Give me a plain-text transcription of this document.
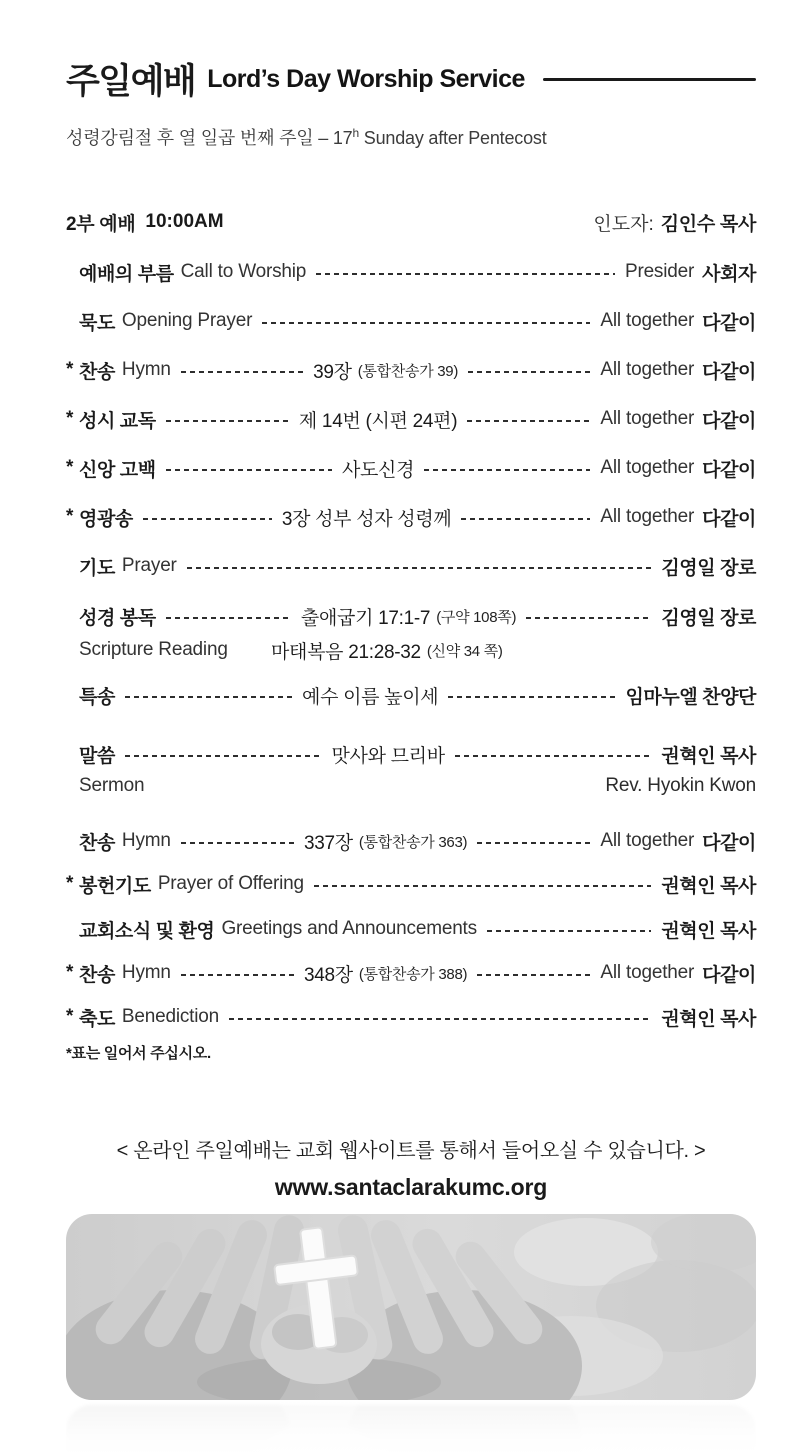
주일예배 Lord’s Day Worship Service
성령강림절 후 열 일곱 번째 주일 – 17$^h$ Sunday after Pentecost
2부 예배 10:00AM	인도자: 김인수 목사
예배의 부름 Call to Worship	Presider 사회자
묵도 Opening Prayer	All together 다같이
* 찬송 Hymn	39장 (통합찬송가 39)	All together 다같이
* 성시 교독	제 14번 (시편 24편)	All together 다같이
* 신앙 고백	사도신경	All together 다같이
* 영광송	3장 성부 성자 성령께	All together 다같이
기도 Prayer	김영일 장로
성경 봉독	출애굽기 17:1-7 (구약 108쪽)	김영일 장로
Scripture Reading	마태복음 21:28-32 (신약 34 쪽)
특송	예수 이름 높이세	임마누엘 찬양단
말씀	맛사와 므리바	권혁인 목사
Sermon	Rev. Hyokin Kwon
찬송 Hymn	337장 (통합찬송가 363)	All together 다같이
* 봉헌기도 Prayer of Offering	권혁인 목사
교회소식 및 환영 Greetings and Announcements	권혁인 목사
* 찬송 Hymn	348장 (통합찬송가 388)	All together 다같이
* 축도 Benediction	권혁인 목사
*표는 일어서 주십시오.
< 온라인 주일예배는 교회 웹사이트를 통해서 들어오실 수 있습니다. >
www.santaclarakumc.org
